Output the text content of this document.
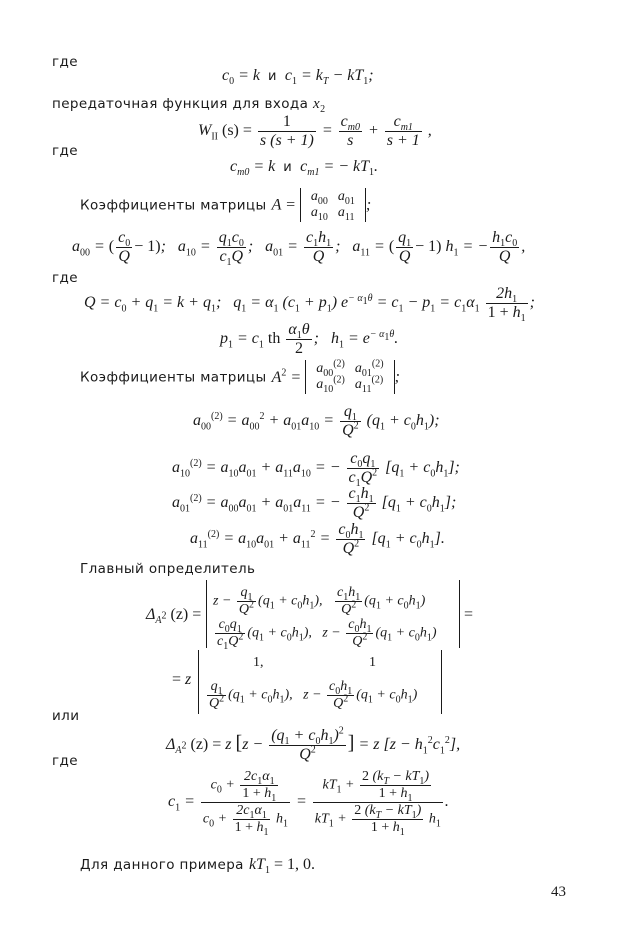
где
$c_0 = k$  и  $c_1 = k_T - kT_1$;
передаточная функция для входа $x_2$
$W_{II}$ $(s) = \frac{1}{s (s + 1)} = \frac{c_{m0}}{s} + \frac{c_{m1}}{s + 1}$ ,
где
$c_{m0} = k$  и  $c_{m1}$ = − $kT_1$.
Коэффициенты матрицы $A = a_{00}$	$a_{01}$
$a_{10}$	$a_{11}$
;
$a_{00}$ = ( $\frac{c_0}{Q} - 1$);   $a_{10} = \frac{q_1c_0}{c_1Q}$ ;   $a_{01} = \frac{c_1h_1}{Q}$ ;   $a_{11}$ = ( $\frac{q_1}{Q} - 1$) $h_1$ = − $\frac{h_1c_0}{Q}$ ,
где
$Q = c_0 + q_1 = k + q_1$;   $q_1 = \alpha_1$ $(c_1 + p_1) e^{- \alpha_1\theta} = c_1 - p_1 = c_1\alpha_1 \frac{2h_1}{1 + h_1}$ ;
$p_1 = c_1$ th $\frac{\alpha_1\theta}{2}$ ;   $h_1 = e^{- \alpha_1\theta}$.
Коэффициенты матрицы $A^2 = a_{00}^{(2)}$	$a_{01}^{(2)}$
$a_{10}^{(2)}$	$a_{11}^{(2)}$ ;
$a_{00}^{(2)} = a_{00}^2 + a_{01}a_{10} = \frac{q_1}{Q^2} (q_1 + c_0h_1)$;
$a_{10}^{(2)} = a_{10}a_{01} + a_{11}a_{10}$ = − $\frac{c_0q_1}{c_1Q^2} [q_1 + c_0h_1]$;
$a_{01}^{(2)} = a_{00}a_{01} + a_{01}a_{11}$ = − $\frac{c_1h_1}{Q^2} [q_1 + c_0h_1]$;
$a_{11}^{(2)} = a_{10}a_{01} + a_{11}^2 = \frac{c_0h_1}{Q^2} [q_1 + c_0h_1]$.
Главный определитель
$\Delta_{A^2}$ (z) =
$z - \frac{q_1}{Q^2} (q_1 + c_0h_1)$, $\frac{c_1h_1}{Q^2} (q_1 + c_0h_1)$
$\frac{c_0q_1}{c_1Q^2} (q_1 + c_0h_1)$,   $z - \frac{c_0h_1}{Q^2} (q_1 + c_0h_1)$
=
= z
1,	1
$\frac{q_1}{Q^2} (q_1 + c_0h_1)$,   $z - \frac{c_0h_1}{Q^2} (q_1 + c_0h_1)$
или
$\Delta_{A^2}$ (z) = z [$z - \frac{(q_1 + c_0h_1)^2}{Q^2}$ ] = z $[z - h_1^2c_1^2]$,
где
$c_1 = \frac{c_0 + \frac{2c_1\alpha_1}{1 + h_1}}{c_0 + \frac{2c_1\alpha_1}{1 + h_1} h_1} = \frac{kT_1 + \frac{2 (k_T - kT_1)}{1 + h_1}}{kT_1 + \frac{2 (k_T - kT_1)}{1 + h_1} h_1}$ .
Для данного примера $kT_1 = 1$, 0.
43
